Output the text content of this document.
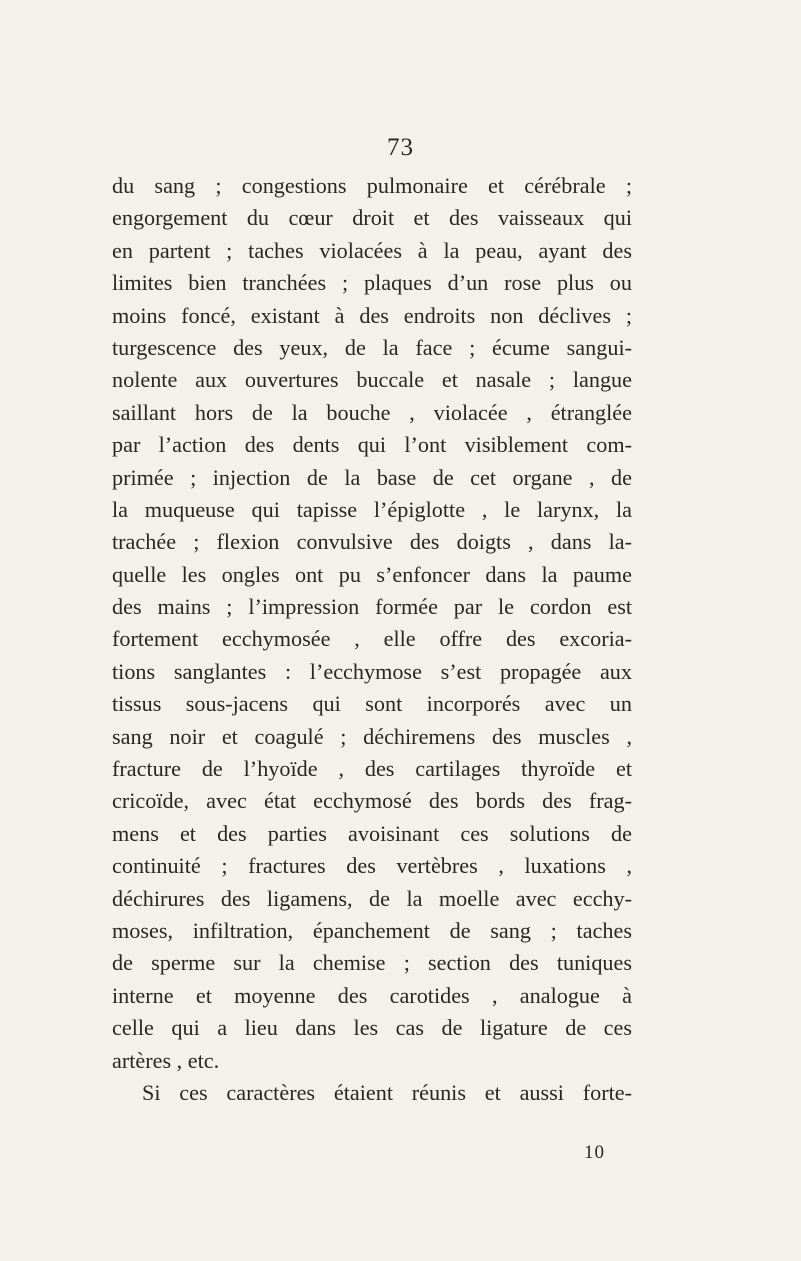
73
du sang ; congestions pulmonaire et cérébrale ;
engorgement du cœur droit et des vaisseaux qui
en partent ; taches violacées à la peau, ayant des
limites bien tranchées ; plaques d’un rose plus ou
moins foncé, existant à des endroits non déclives ;
turgescence des yeux, de la face ; écume sangui-
nolente aux ouvertures buccale et nasale ; langue
saillant hors de la bouche , violacée , étranglée
par l’action des dents qui l’ont visiblement com-
primée ; injection de la base de cet organe , de
la muqueuse qui tapisse l’épiglotte , le larynx, la
trachée ; flexion convulsive des doigts , dans la-
quelle les ongles ont pu s’enfoncer dans la paume
des mains ; l’impression formée par le cordon est
fortement ecchymosée , elle offre des excoria-
tions sanglantes : l’ecchymose s’est propagée aux
tissus sous-jacens qui sont incorporés avec un
sang noir et coagulé ; déchiremens des muscles ,
fracture de l’hyoïde , des cartilages thyroïde et
cricoïde, avec état ecchymosé des bords des frag-
mens et des parties avoisinant ces solutions de
continuité ; fractures des vertèbres , luxations ,
déchirures des ligamens, de la moelle avec ecchy-
moses, infiltration, épanchement de sang ; taches
de sperme sur la chemise ; section des tuniques
interne et moyenne des carotides , analogue à
celle qui a lieu dans les cas de ligature de ces
artères , etc.
Si ces caractères étaient réunis et aussi forte-
10
